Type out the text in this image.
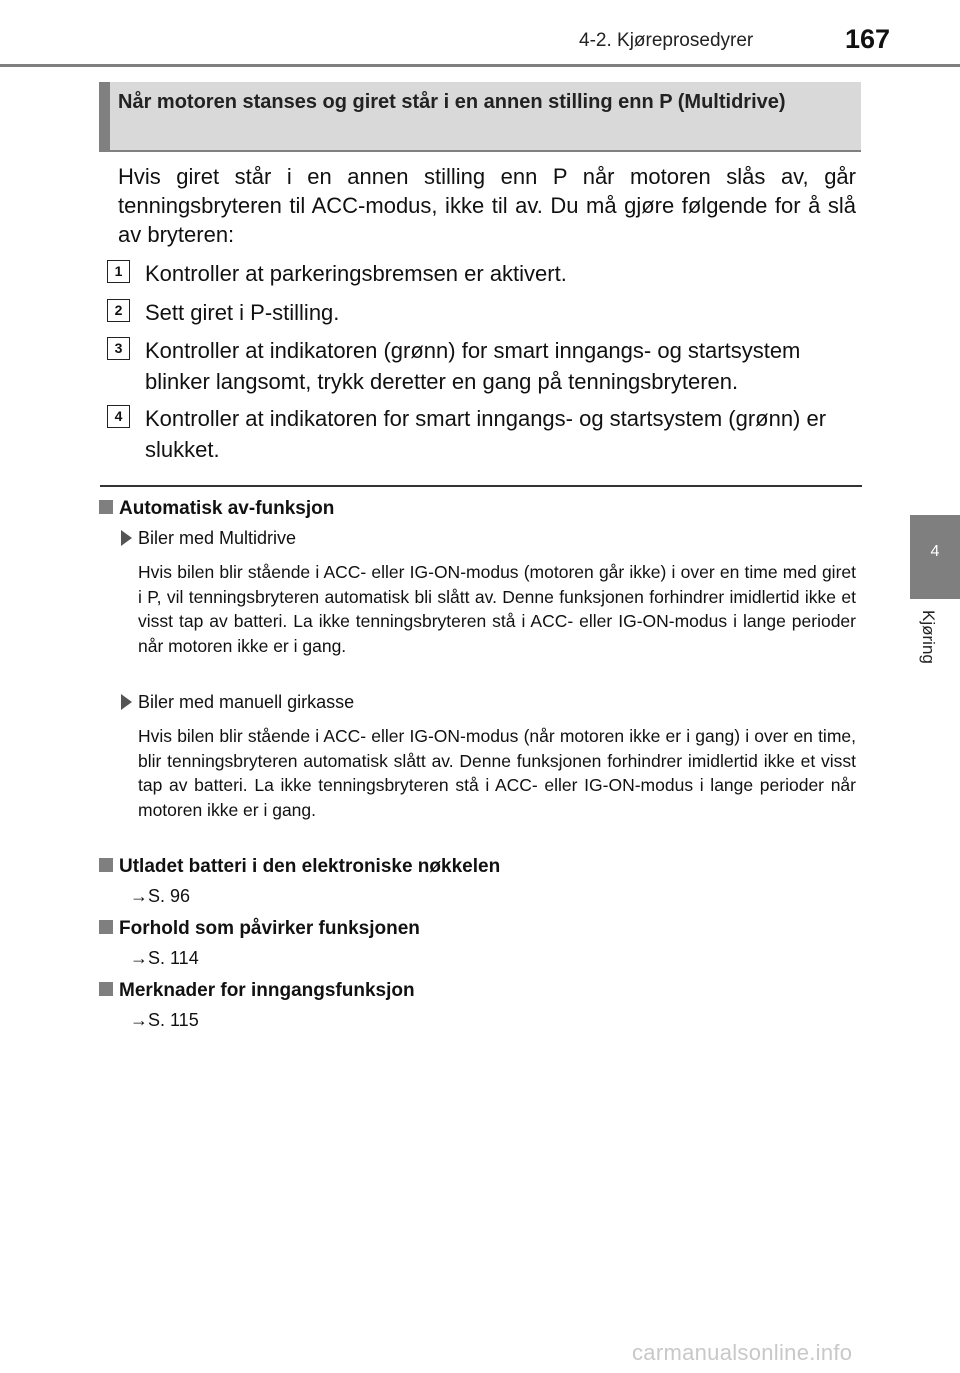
4-2. Kjøreprosedyrer	167
4
Kjøring
Når motoren stanses og giret står i en annen stilling enn P (Multidrive)
Hvis giret står i en annen stilling enn P når motoren slås av, går tenningsbryteren til ACC-modus, ikke til av. Du må gjøre følgende for å slå av bryteren:
1	Kontroller at parkeringsbremsen er aktivert.
2	Sett giret i P-stilling.
3	Kontroller at indikatoren (grønn) for smart inngangs- og startsystem blinker langsomt, trykk deretter en gang på tenningsbryteren.
4	Kontroller at indikatoren for smart inngangs- og startsystem (grønn) er slukket.
Automatisk av-funksjon
Biler med Multidrive
Hvis bilen blir stående i ACC- eller IG-ON-modus (motoren går ikke) i over en time med giret i P, vil tenningsbryteren automatisk bli slått av. Denne funksjonen forhindrer imidlertid ikke et visst tap av batteri. La ikke tenningsbryteren stå i ACC- eller IG-ON-modus i lange perioder når motoren ikke er i gang.
Biler med manuell girkasse
Hvis bilen blir stående i ACC- eller IG-ON-modus (når motoren ikke er i gang) i over en time, blir tenningsbryteren automatisk slått av. Denne funksjonen forhindrer imidlertid ikke et visst tap av batteri. La ikke tenningsbryteren stå i ACC- eller IG-ON-modus i lange perioder når motoren ikke er i gang.
Utladet batteri i den elektroniske nøkkelen
→S. 96
Forhold som påvirker funksjonen
→S. 114
Merknader for inngangsfunksjon
→S. 115
carmanualsonline.info
